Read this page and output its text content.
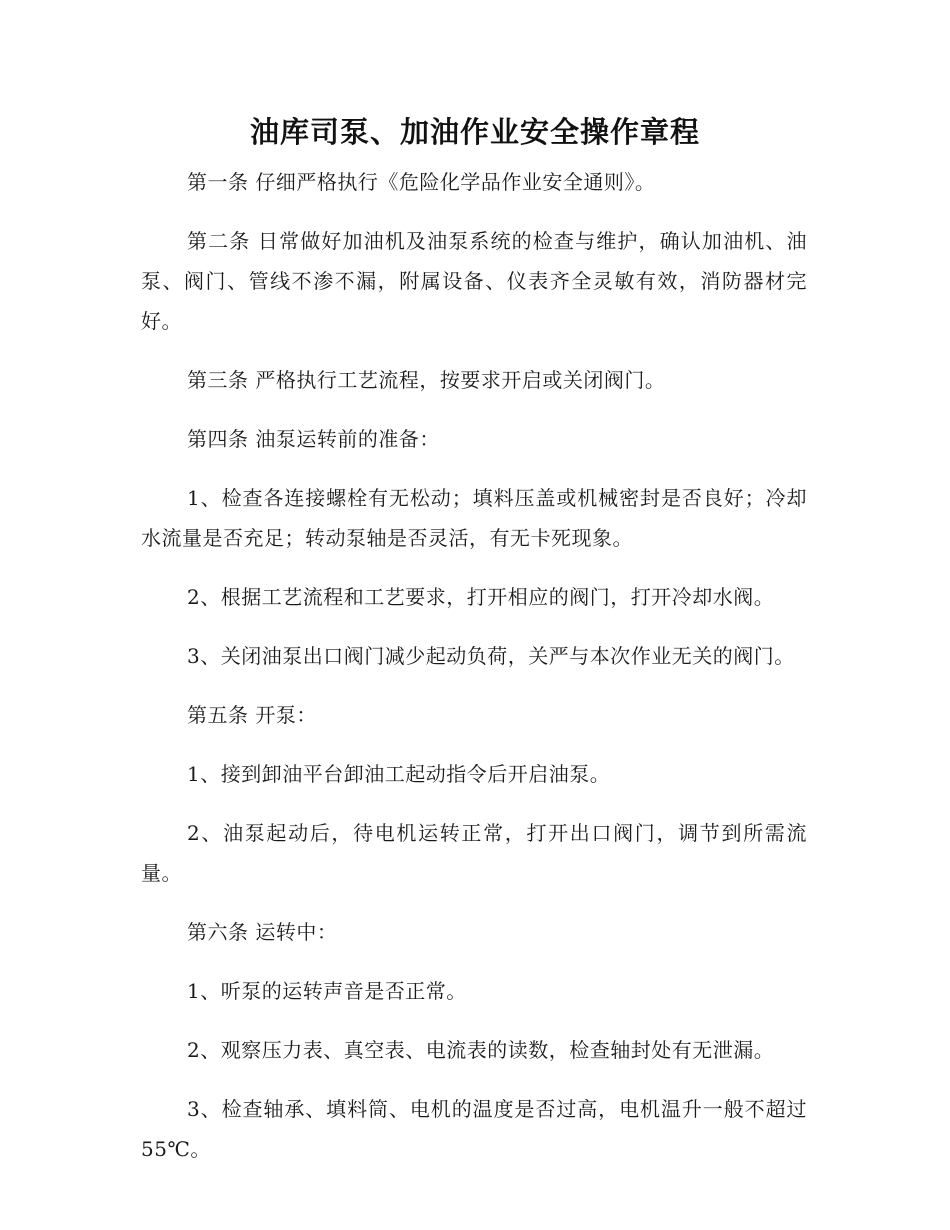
油库司泵、加油作业安全操作章程

第一条 仔细严格执行《危险化学品作业安全通则》。

第二条 日常做好加油机及油泵系统的检查与维护，确认加油机、油泵、阀门、管线不渗不漏，附属设备、仪表齐全灵敏有效，消防器材完好。

第三条 严格执行工艺流程，按要求开启或关闭阀门。

第四条 油泵运转前的准备：

1、检查各连接螺栓有无松动；填料压盖或机械密封是否良好；冷却水流量是否充足；转动泵轴是否灵活，有无卡死现象。

2、根据工艺流程和工艺要求，打开相应的阀门，打开冷却水阀。

3、关闭油泵出口阀门减少起动负荷，关严与本次作业无关的阀门。

第五条 开泵：

1、接到卸油平台卸油工起动指令后开启油泵。

2、油泵起动后，待电机运转正常，打开出口阀门，调节到所需流量。

第六条 运转中：

1、听泵的运转声音是否正常。

2、观察压力表、真空表、电流表的读数，检查轴封处有无泄漏。

3、检查轴承、填料筒、电机的温度是否过高，电机温升一般不超过55℃。
